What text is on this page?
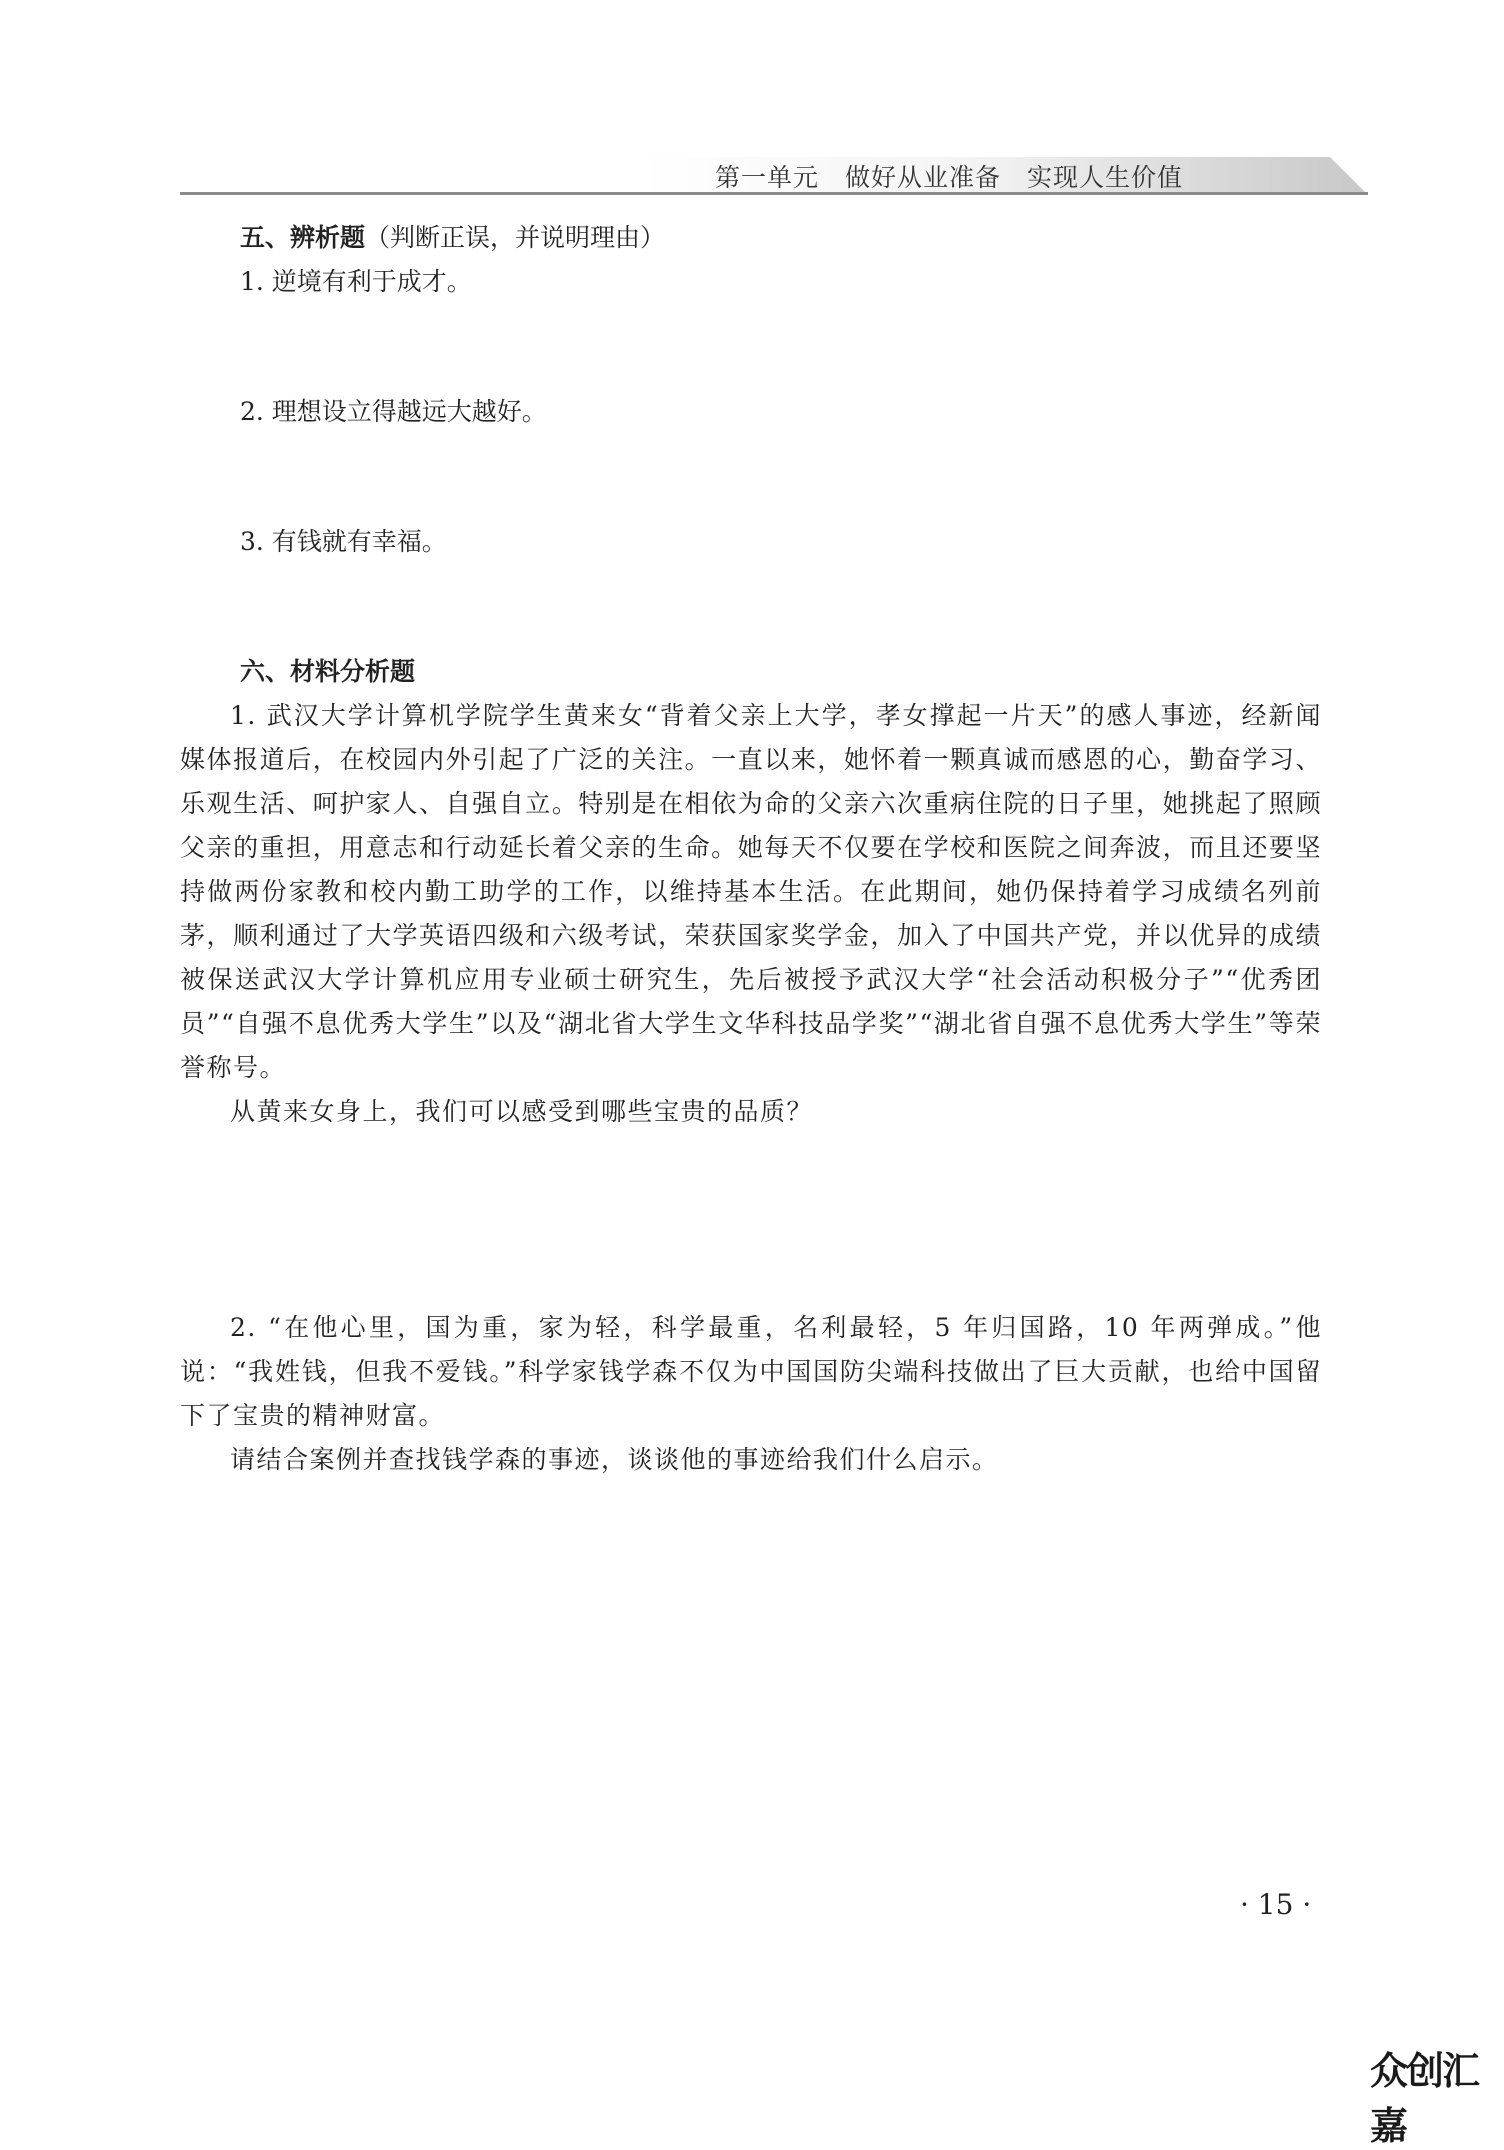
第一单元　做好从业准备　实现人生价值
五、辨析题（判断正误，并说明理由）
1. 逆境有利于成才。
2. 理想设立得越远大越好。
3. 有钱就有幸福。
六、材料分析题
1. 武汉大学计算机学院学生黄来女“背着父亲上大学，孝女撑起一片天”的感人事迹，经新闻媒体报道后，在校园内外引起了广泛的关注。一直以来，她怀着一颗真诚而感恩的心，勤奋学习、乐观生活、呵护家人、自强自立。特别是在相依为命的父亲六次重病住院的日子里，她挑起了照顾父亲的重担，用意志和行动延长着父亲的生命。她每天不仅要在学校和医院之间奔波，而且还要坚持做两份家教和校内勤工助学的工作，以维持基本生活。在此期间，她仍保持着学习成绩名列前茅，顺利通过了大学英语四级和六级考试，荣获国家奖学金，加入了中国共产党，并以优异的成绩被保送武汉大学计算机应用专业硕士研究生，先后被授予武汉大学“社会活动积极分子”“优秀团员”“自强不息优秀大学生”以及“湖北省大学生文华科技品学奖”“湖北省自强不息优秀大学生”等荣誉称号。
从黄来女身上，我们可以感受到哪些宝贵的品质？
2. “在他心里，国为重，家为轻，科学最重，名利最轻，5 年归国路，10 年两弹成。”他说：“我姓钱，但我不爱钱。”科学家钱学森不仅为中国国防尖端科技做出了巨大贡献，也给中国留下了宝贵的精神财富。
请结合案例并查找钱学森的事迹，谈谈他的事迹给我们什么启示。
· 15 ·
众创汇嘉
